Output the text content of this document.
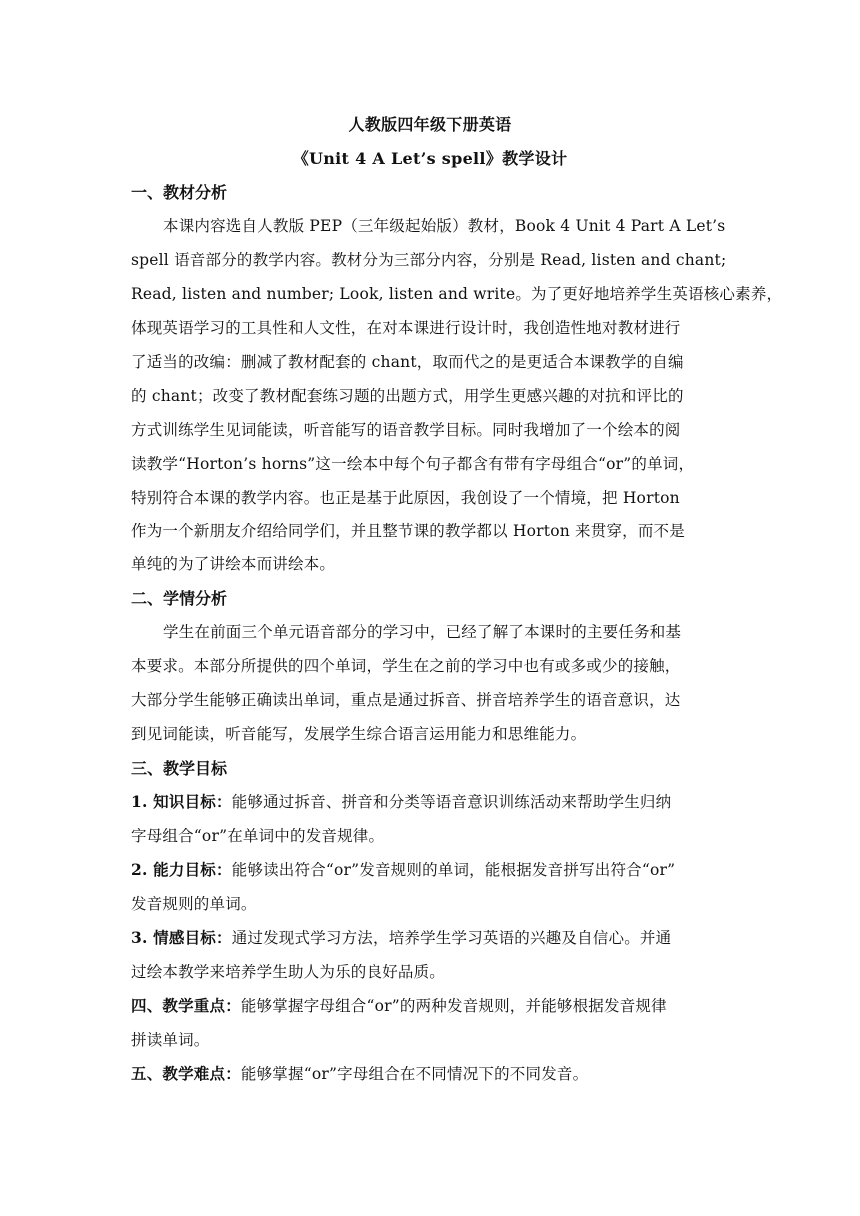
人教版四年级下册英语
《Unit 4 A Let’s spell》教学设计
一、教材分析
本课内容选自人教版 PEP（三年级起始版）教材，Book 4 Unit 4 Part A Let’s
spell 语音部分的教学内容。教材分为三部分内容，分别是 Read, listen and chant;
Read, listen and number; Look, listen and write。为了更好地培养学生英语核心素养，
体现英语学习的工具性和人文性，在对本课进行设计时，我创造性地对教材进行
了适当的改编：删减了教材配套的 chant，取而代之的是更适合本课教学的自编
的 chant；改变了教材配套练习题的出题方式，用学生更感兴趣的对抗和评比的
方式训练学生见词能读，听音能写的语音教学目标。同时我增加了一个绘本的阅
读教学“Horton’s horns”这一绘本中每个句子都含有带有字母组合“or”的单词，
特别符合本课的教学内容。也正是基于此原因，我创设了一个情境，把 Horton
作为一个新朋友介绍给同学们，并且整节课的教学都以 Horton 来贯穿，而不是
单纯的为了讲绘本而讲绘本。
二、学情分析
学生在前面三个单元语音部分的学习中，已经了解了本课时的主要任务和基
本要求。本部分所提供的四个单词，学生在之前的学习中也有或多或少的接触，
大部分学生能够正确读出单词，重点是通过拆音、拼音培养学生的语音意识，达
到见词能读，听音能写，发展学生综合语言运用能力和思维能力。
三、教学目标
1. 知识目标：能够通过拆音、拼音和分类等语音意识训练活动来帮助学生归纳
字母组合“or”在单词中的发音规律。
2. 能力目标：能够读出符合“or”发音规则的单词，能根据发音拼写出符合“or”
发音规则的单词。
3. 情感目标：通过发现式学习方法，培养学生学习英语的兴趣及自信心。并通
过绘本教学来培养学生助人为乐的良好品质。
四、教学重点：能够掌握字母组合“or”的两种发音规则，并能够根据发音规律
拼读单词。
五、教学难点：能够掌握“or”字母组合在不同情况下的不同发音。
